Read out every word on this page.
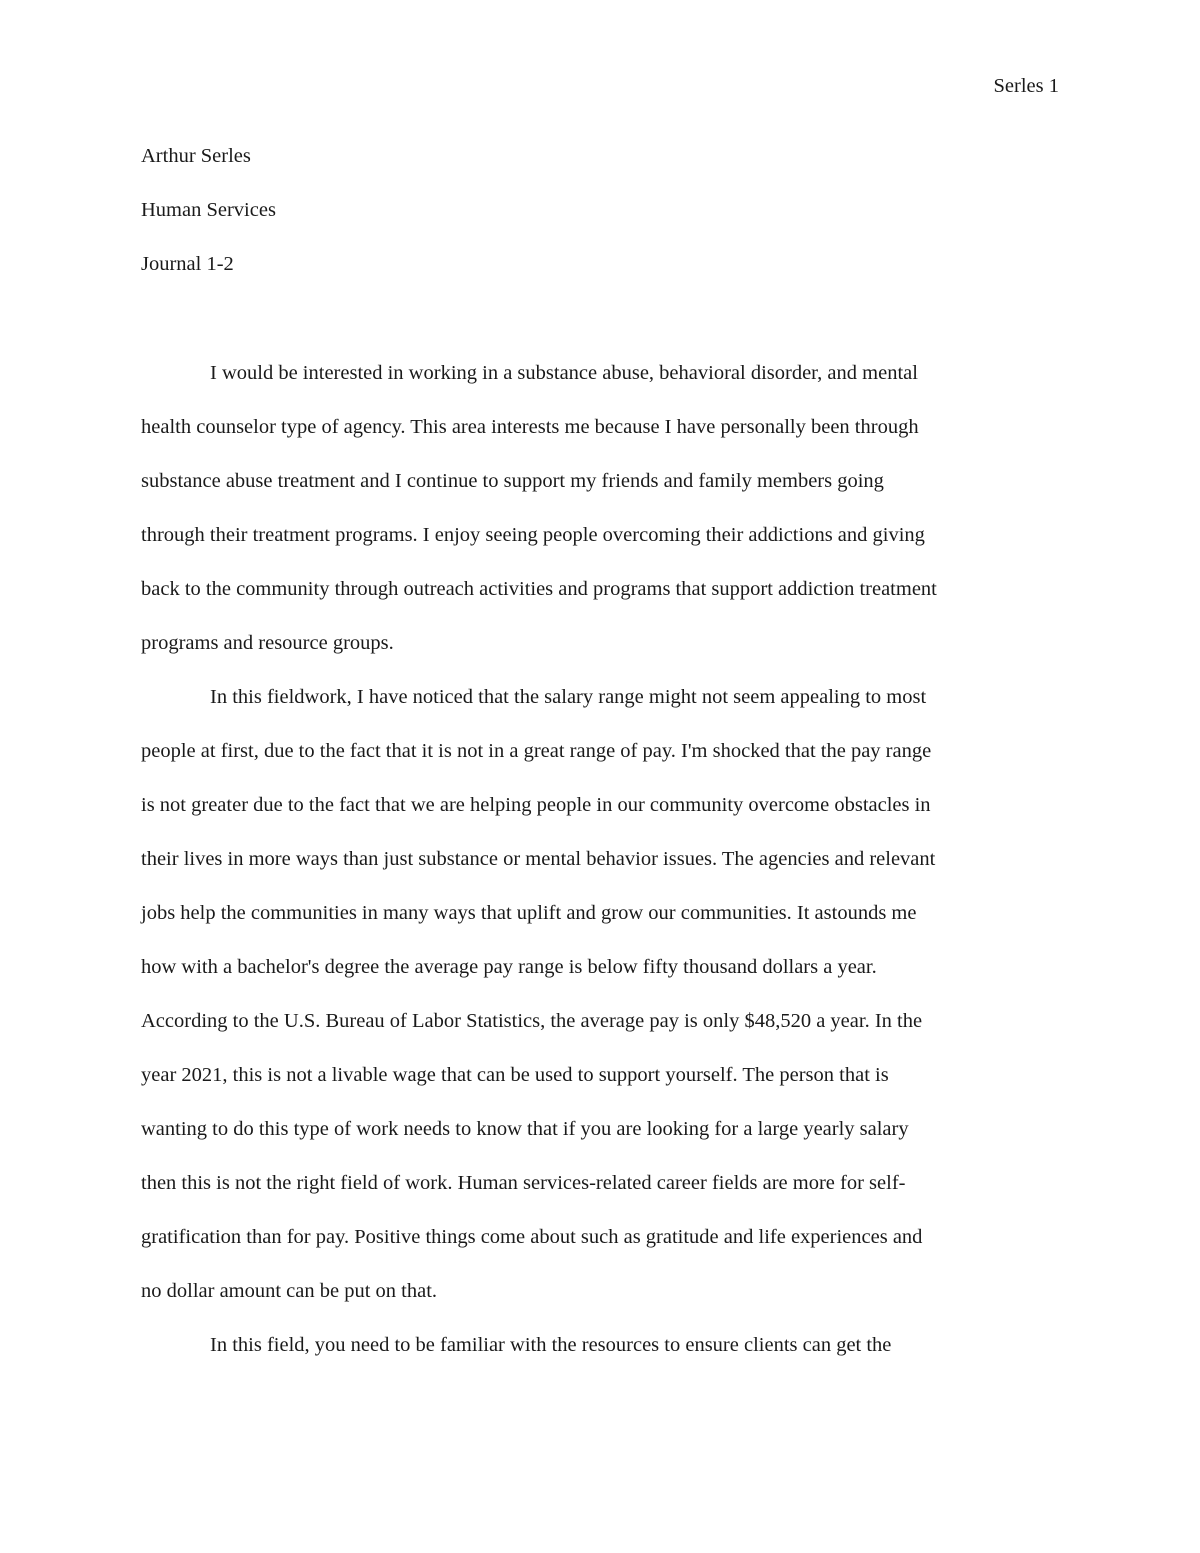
Serles 1
Arthur Serles
Human Services
Journal 1-2
I would be interested in working in a substance abuse, behavioral disorder, and mental
health counselor type of agency. This area interests me because I have personally been through
substance abuse treatment and I continue to support my friends and family members going
through their treatment programs. I enjoy seeing people overcoming their addictions and giving
back to the community through outreach activities and programs that support addiction treatment
programs and resource groups.
In this fieldwork, I have noticed that the salary range might not seem appealing to most
people at first, due to the fact that it is not in a great range of pay. I'm shocked that the pay range
is not greater due to the fact that we are helping people in our community overcome obstacles in
their lives in more ways than just substance or mental behavior issues. The agencies and relevant
jobs help the communities in many ways that uplift and grow our communities. It astounds me
how with a bachelor's degree the average pay range is below fifty thousand dollars a year.
According to the U.S. Bureau of Labor Statistics, the average pay is only $48,520 a year. In the
year 2021, this is not a livable wage that can be used to support yourself. The person that is
wanting to do this type of work needs to know that if you are looking for a large yearly salary
then this is not the right field of work. Human services-related career fields are more for self-
gratification than for pay. Positive things come about such as gratitude and life experiences and
no dollar amount can be put on that.
In this field, you need to be familiar with the resources to ensure clients can get the
